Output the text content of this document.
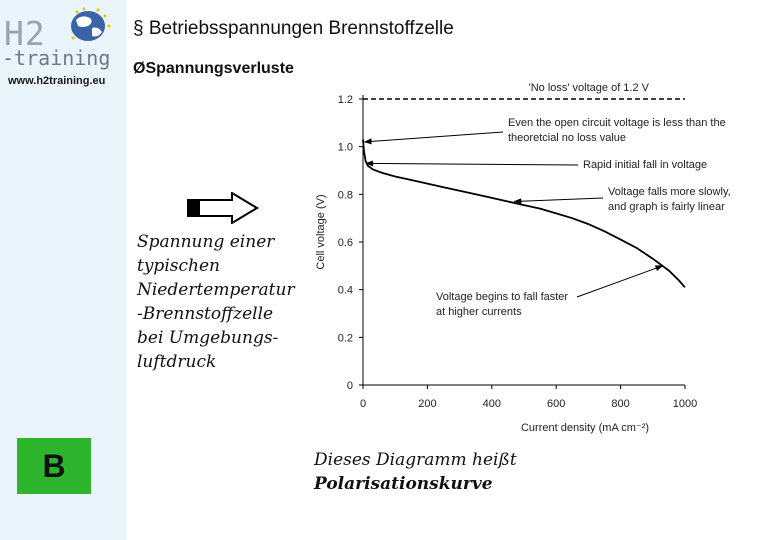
H2
-training
www.h2training.eu
B
§ Betriebsspannungen Brennstoffzelle
ØSpannungsverluste
Spannung einer
typischen
Niedertemperatur
-Brennstoffzelle
bei Umgebungs-
luftdruck
Dieses Diagramm heißt
Polarisationskurve
0
0.2
0.4
0.6
0.8
1.0
1.2
0	200	400	600	800	1000
Current density (mA cm⁻²)
Cell voltage (V)
'No loss' voltage of 1.2 V
Even the open circuit voltage is less than the
theoretcial no loss value
Rapid initial fall in voltage
Voltage falls more slowly,
and graph is fairly linear
Voltage begins to fall faster
at higher currents
